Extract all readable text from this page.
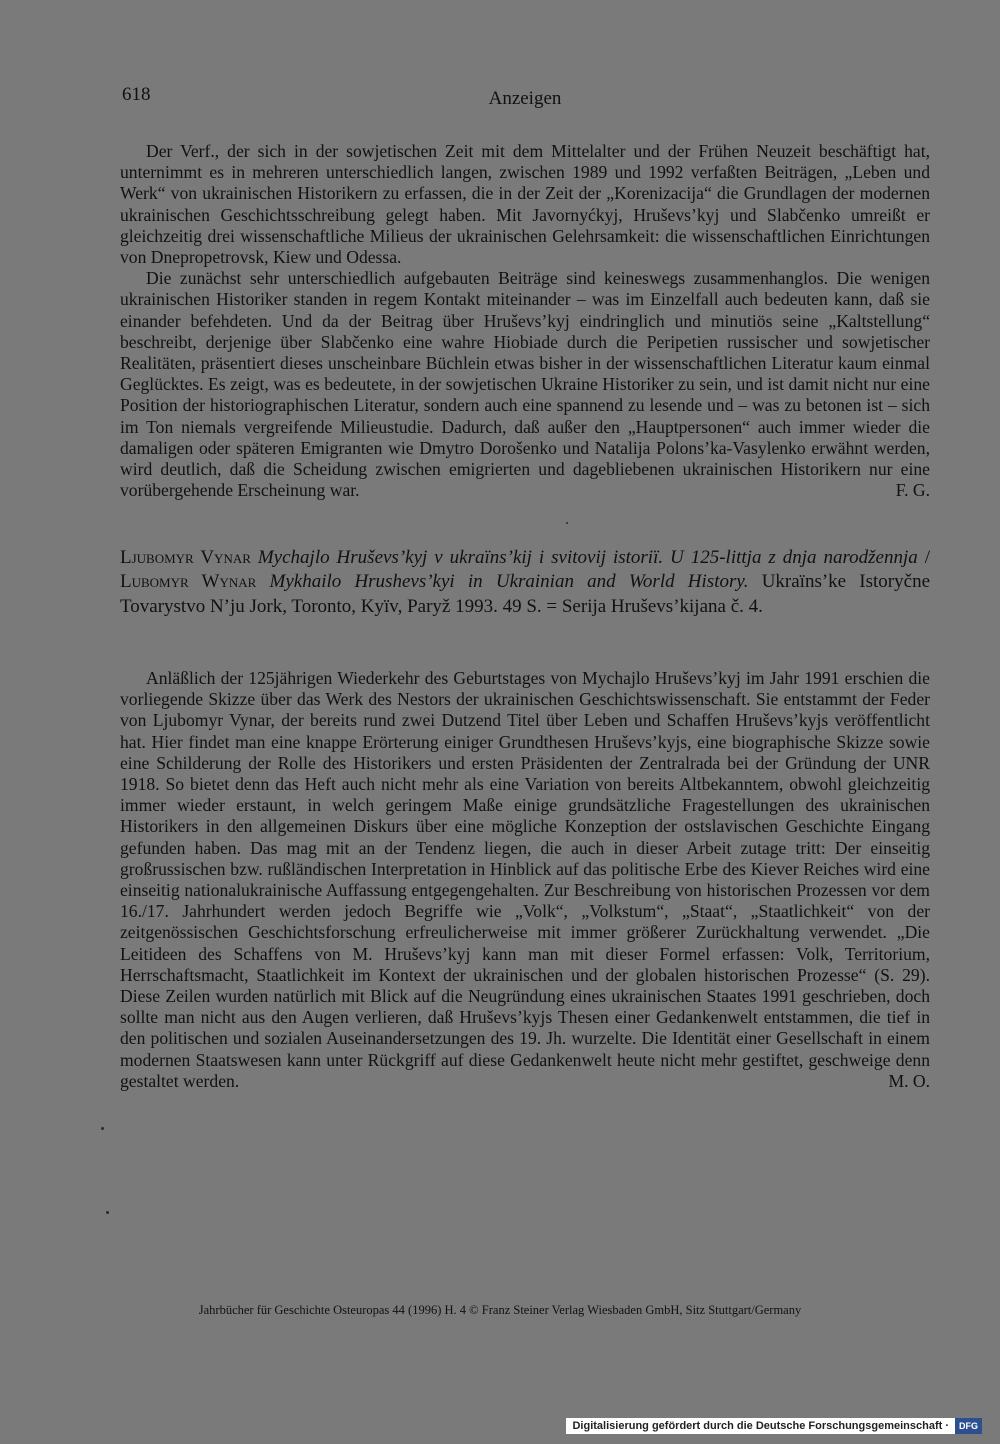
618	Anzeigen

Der Verf., der sich in der sowjetischen Zeit mit dem Mittelalter und der Frühen Neuzeit beschäftigt hat, unternimmt es in mehreren unterschiedlich langen, zwischen 1989 und 1992 verfaßten Beiträgen, „Leben und Werk“ von ukrainischen Historikern zu erfassen, die in der Zeit der „Korenizacija“ die Grundlagen der modernen ukrainischen Geschichtsschreibung gelegt haben. Mit Javornyćkyj, Hruševs’kyj und Slabčenko umreißt er gleichzeitig drei wissenschaftliche Milieus der ukrainischen Gelehrsamkeit: die wissenschaftlichen Einrichtungen von Dnepropetrovsk, Kiew und Odessa.

Die zunächst sehr unterschiedlich aufgebauten Beiträge sind keineswegs zusammenhanglos. Die wenigen ukrainischen Historiker standen in regem Kontakt miteinander – was im Einzelfall auch bedeuten kann, daß sie einander befehdeten. Und da der Beitrag über Hruševs’kyj eindringlich und minutiös seine „Kaltstellung“ beschreibt, derjenige über Slabčenko eine wahre Hiobiade durch die Peripetien russischer und sowjetischer Realitäten, präsentiert dieses unscheinbare Büchlein etwas bisher in der wissenschaftlichen Literatur kaum einmal Geglücktes. Es zeigt, was es bedeutete, in der sowjetischen Ukraine Historiker zu sein, und ist damit nicht nur eine Position der historiographischen Literatur, sondern auch eine spannend zu lesende und – was zu betonen ist – sich im Ton niemals vergreifende Milieustudie. Dadurch, daß außer den „Hauptpersonen“ auch immer wieder die damaligen oder späteren Emigranten wie Dmytro Dorošenko und Natalija Polons’ka-Vasylenko erwähnt werden, wird deutlich, daß die Scheidung zwischen emigrierten und dagebliebenen ukrainischen Historikern nur eine vorübergehende Erscheinung war.	F. G.

Ljubomyr Vynar Mychajlo Hruševs’kyj v ukraïns’kij i svitovij istoriï. U 125-littja z dnja narodžennja / Lubomyr Wynar Mykhailo Hrushevs’kyi in Ukrainian and World History. Ukraïns’ke Istoryčne Tovarystvo N’ju Jork, Toronto, Kyïv, Paryž 1993. 49 S. = Serija Hruševs’kijana č. 4.

Anläßlich der 125jährigen Wiederkehr des Geburtstages von Mychajlo Hruševs’kyj im Jahr 1991 erschien die vorliegende Skizze über das Werk des Nestors der ukrainischen Geschichtswissenschaft. Sie entstammt der Feder von Ljubomyr Vynar, der bereits rund zwei Dutzend Titel über Leben und Schaffen Hruševs’kyjs veröffentlicht hat. Hier findet man eine knappe Erörterung einiger Grundthesen Hruševs’kyjs, eine biographische Skizze sowie eine Schilderung der Rolle des Historikers und ersten Präsidenten der Zentralrada bei der Gründung der UNR 1918. So bietet denn das Heft auch nicht mehr als eine Variation von bereits Altbekanntem, obwohl gleichzeitig immer wieder erstaunt, in welch geringem Maße einige grundsätzliche Fragestellungen des ukrainischen Historikers in den allgemeinen Diskurs über eine mögliche Konzeption der ostslavischen Geschichte Eingang gefunden haben. Das mag mit an der Tendenz liegen, die auch in dieser Arbeit zutage tritt: Der einseitig großrussischen bzw. rußländischen Interpretation in Hinblick auf das politische Erbe des Kiever Reiches wird eine einseitig nationalukrainische Auffassung entgegengehalten. Zur Beschreibung von historischen Prozessen vor dem 16./17. Jahrhundert werden jedoch Begriffe wie „Volk“, „Volkstum“, „Staat“, „Staatlichkeit“ von der zeitgenössischen Geschichtsforschung erfreulicherweise mit immer größerer Zurückhaltung verwendet. „Die Leitideen des Schaffens von M. Hruševs’kyj kann man mit dieser Formel erfassen: Volk, Territorium, Herrschaftsmacht, Staatlichkeit im Kontext der ukrainischen und der globalen historischen Prozesse“ (S. 29). Diese Zeilen wurden natürlich mit Blick auf die Neugründung eines ukrainischen Staates 1991 geschrieben, doch sollte man nicht aus den Augen verlieren, daß Hruševs’kyjs Thesen einer Gedankenwelt entstammen, die tief in den politischen und sozialen Auseinandersetzungen des 19. Jh. wurzelte. Die Identität einer Gesellschaft in einem modernen Staatswesen kann unter Rückgriff auf diese Gedankenwelt heute nicht mehr gestiftet, geschweige denn gestaltet werden.	M. O.

Jahrbücher für Geschichte Osteuropas 44 (1996) H. 4 © Franz Steiner Verlag Wiesbaden GmbH, Sitz Stuttgart/Germany
Digitalisierung gefördert durch die Deutsche Forschungsgemeinschaft ·	DFG
